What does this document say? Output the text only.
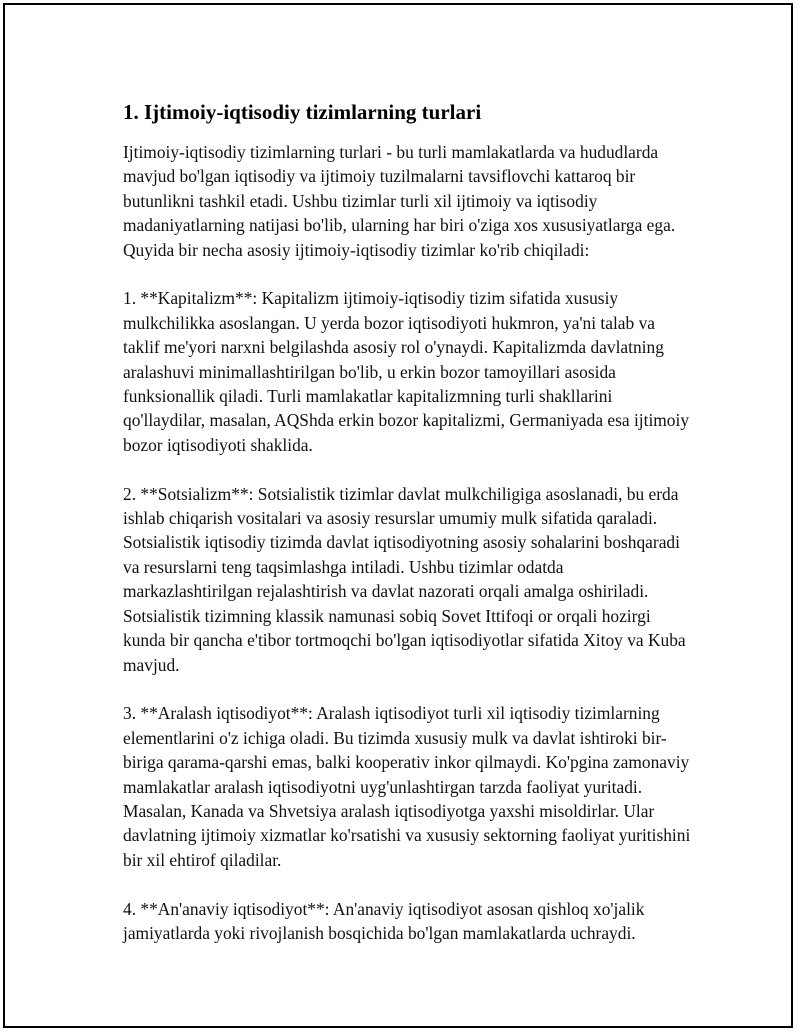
1. Ijtimoiy-iqtisodiy tizimlarning turlari

Ijtimoiy-iqtisodiy tizimlarning turlari - bu turli mamlakatlarda va hududlarda mavjud bo'lgan iqtisodiy va ijtimoiy tuzilmalarni tavsiflovchi kattaroq bir butunlikni tashkil etadi. Ushbu tizimlar turli xil ijtimoiy va iqtisodiy madaniyatlarning natijasi bo'lib, ularning har biri o'ziga xos xususiyatlarga ega. Quyida bir necha asosiy ijtimoiy-iqtisodiy tizimlar ko'rib chiqiladi:

1. **Kapitalizm**: Kapitalizm ijtimoiy-iqtisodiy tizim sifatida xususiy mulkchilikka asoslangan. U yerda bozor iqtisodiyoti hukmron, ya'ni talab va taklif me'yori narxni belgilashda asosiy rol o'ynaydi. Kapitalizmda davlatning aralashuvi minimallashtirilgan bo'lib, u erkin bozor tamoyillari asosida funksionallik qiladi. Turli mamlakatlar kapitalizmning turli shakllarini qo'llaydilar, masalan, AQShda erkin bozor kapitalizmi, Germaniyada esa ijtimoiy bozor iqtisodiyoti shaklida.

2. **Sotsializm**: Sotsialistik tizimlar davlat mulkchiligiga asoslanadi, bu erda ishlab chiqarish vositalari va asosiy resurslar umumiy mulk sifatida qaraladi. Sotsialistik iqtisodiy tizimda davlat iqtisodiyotning asosiy sohalarini boshqaradi va resurslarni teng taqsimlashga intiladi. Ushbu tizimlar odatda markazlashtirilgan rejalashtirish va davlat nazorati orqali amalga oshiriladi. Sotsialistik tizimning klassik namunasi sobiq Sovet Ittifoqi or orqali hozirgi kunda bir qancha e'tibor tortmoqchi bo'lgan iqtisodiyotlar sifatida Xitoy va Kuba mavjud.

3. **Aralash iqtisodiyot**: Aralash iqtisodiyot turli xil iqtisodiy tizimlarning elementlarini o'z ichiga oladi. Bu tizimda xususiy mulk va davlat ishtiroki bir-biriga qarama-qarshi emas, balki kooperativ inkor qilmaydi. Ko'pgina zamonaviy mamlakatlar aralash iqtisodiyotni uyg'unlashtirgan tarzda faoliyat yuritadi. Masalan, Kanada va Shvetsiya aralash iqtisodiyotga yaxshi misoldirlar. Ular davlatning ijtimoiy xizmatlar ko'rsatishi va xususiy sektorning faoliyat yuritishini bir xil ehtirof qiladilar.

4. **An'anaviy iqtisodiyot**: An'anaviy iqtisodiyot asosan qishloq xo'jalik jamiyatlarda yoki rivojlanish bosqichida bo'lgan mamlakatlarda uchraydi.
